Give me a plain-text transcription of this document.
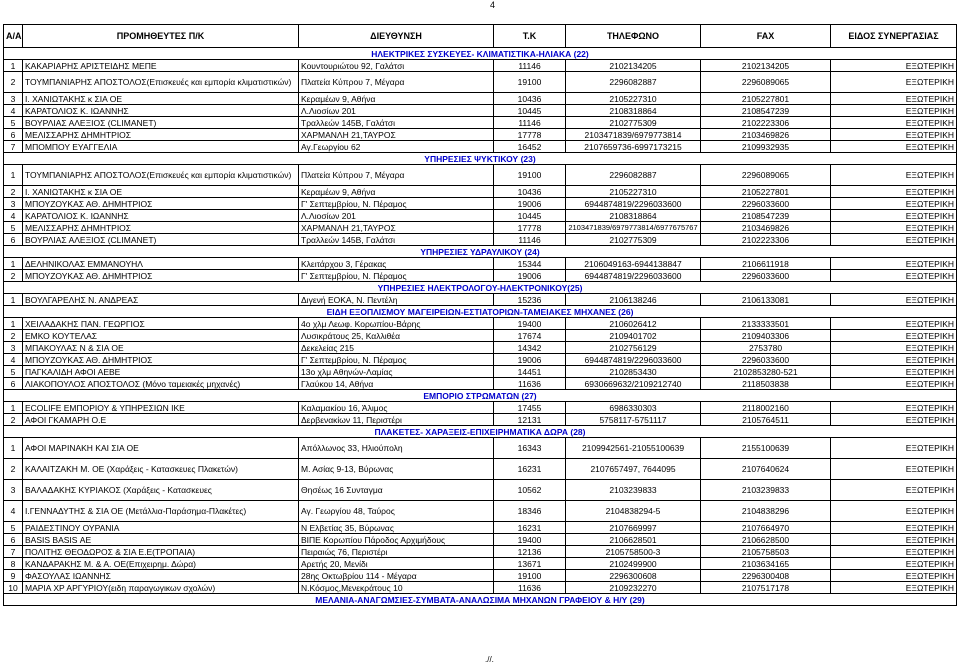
4
Α/Α	ΠΡΟΜΗΘΕΥΤΕΣ Π/Κ	ΔΙΕΥΘΥΝΣΗ	Τ.Κ	ΤΗΛΕΦΩΝΟ	FAX	ΕΙΔΟΣ ΣΥΝΕΡΓΑΣΙΑΣ
ΗΛΕΚΤΡΙΚΕΣ ΣΥΣΚΕΥΕΣ- ΚΛΙΜΑΤΙΣΤΙΚΑ-ΗΛΙΑΚΑ (22)						
1	ΚΑΚΑΡΙΑΡΗΣ ΑΡΙΣΤΕΙΔΗΣ ΜΕΠΕ	Κουντουριώτου 92, Γαλάτσι	11146	2102134205	2102134205	ΕΞΩΤΕΡΙΚΗ
2	ΤΟΥΜΠΑΝΙΑΡΗΣ ΑΠΟΣΤΟΛΟΣ(Επισκευές και εμπορία κλιματιστικών)	Πλατεία Κύπρου 7, Μέγαρα	19100	2296082887	2296089065	ΕΞΩΤΕΡΙΚΗ
3	Ι. ΧΑΝΙΩΤΑΚΗΣ κ ΣΙΑ ΟΕ	Κεραμέων 9, Αθήνα	10436	2105227310	2105227801	ΕΞΩΤΕΡΙΚΗ
4	ΚΑΡΑΤΟΛΙΟΣ Κ. ΙΩΑΝΝΗΣ	Λ.Λιοσίων 201	10445	2108318864	2108547239	ΕΞΩΤΕΡΙΚΗ
5	ΒΟΥΡΛΙΑΣ ΑΛΕΞΙΟΣ (CLIMANET)	Τραλλεών 145Β, Γαλάτσι	11146	2102775309	2102223306	ΕΞΩΤΕΡΙΚΗ
6	ΜΕΛΙΣΣΑΡΗΣ ΔΗΜΗΤΡΙΟΣ	ΧΑΡΜΑΝΛΗ 21,ΤΑΥΡΟΣ	17778	2103471839/6979773814	2103469826	ΕΞΩΤΕΡΙΚΗ
7	ΜΠΟΜΠΟΥ ΕΥΑΓΓΕΛΙΑ	Αγ.Γεωργίου 62	16452	2107659736-6997173215	2109932935	ΕΞΩΤΕΡΙΚΗ
ΥΠΗΡΕΣΙΕΣ ΨΥΚΤΙΚΟΥ (23)						
1	ΤΟΥΜΠΑΝΙΑΡΗΣ ΑΠΟΣΤΟΛΟΣ(Επισκευές και εμπορία κλιματιστικών)	Πλατεία Κύπρου 7, Μέγαρα	19100	2296082887	2296089065	ΕΞΩΤΕΡΙΚΗ
2	Ι. ΧΑΝΙΩΤΑΚΗΣ κ ΣΙΑ ΟΕ	Κεραμέων 9, Αθήνα	10436	2105227310	2105227801	ΕΞΩΤΕΡΙΚΗ
3	ΜΠΟΥΖΟΥΚΑΣ ΑΘ. ΔΗΜΗΤΡΙΟΣ	Γ' Σεπτεμβρίου, Ν. Πέραμος	19006	6944874819/2296033600	2296033600	ΕΞΩΤΕΡΙΚΗ
4	ΚΑΡΑΤΟΛΙΟΣ Κ. ΙΩΑΝΝΗΣ	Λ.Λιοσίων 201	10445	2108318864	2108547239	ΕΞΩΤΕΡΙΚΗ
5	ΜΕΛΙΣΣΑΡΗΣ ΔΗΜΗΤΡΙΟΣ	ΧΑΡΜΑΝΛΗ 21,ΤΑΥΡΟΣ	17778	2103471839/6979773814/6977675767	2103469826	ΕΞΩΤΕΡΙΚΗ
6	ΒΟΥΡΛΙΑΣ ΑΛΕΞΙΟΣ (CLIMANET)	Τραλλεών 145Β, Γαλάτσι	11146	2102775309	2102223306	ΕΞΩΤΕΡΙΚΗ
ΥΠΗΡΕΣΙΕΣ ΥΔΡΑΥΛΙΚΟΥ (24)						
1	ΔΕΛΗΝΙΚΟΛΑΣ ΕΜΜΑΝΟΥΗΛ	Κλειτάρχου 3, Γέρακας	15344	2106049163-6944138847	2106611918	ΕΞΩΤΕΡΙΚΗ
2	ΜΠΟΥΖΟΥΚΑΣ ΑΘ. ΔΗΜΗΤΡΙΟΣ	Γ' Σεπτεμβρίου, Ν. Πέραμος	19006	6944874819/2296033600	2296033600	ΕΞΩΤΕΡΙΚΗ
ΥΠΗΡΕΣΙΕΣ ΗΛΕΚΤΡΟΛΟΓΟΥ-ΗΛΕΚΤΡΟΝΙΚΟΥ(25)						
1	ΒΟΥΛΓΑΡΕΛΗΣ Ν. ΑΝΔΡΕΑΣ	Διγενή ΕΟΚΑ, Ν. Πεντέλη	15236	2106138246	2106133081	ΕΞΩΤΕΡΙΚΗ
ΕΙΔΗ ΕΞΟΠΛΙΣΜΟΥ ΜΑΓΕΙΡΕΙΩΝ-ΕΣΤΙΑΤΟΡΙΩΝ-ΤΑΜΕΙΑΚΕΣ ΜΗΧΑΝΕΣ (26)						
1	ΧΕΙΛΑΔΑΚΗΣ ΠΑΝ. ΓΕΩΡΓΙΟΣ	4ο χλμ Λεωφ. Κορωπίου-Βάρης	19400	2106026412	2133333501	ΕΞΩΤΕΡΙΚΗ
2	ΕΜΚΟ ΚΟΥΤΕΛΑΣ	Λυσικράτους 25, Καλλιθέα	17674	2109401702	2109403306	ΕΞΩΤΕΡΙΚΗ
3	ΜΠΑΚΟΥΛΑΣ Ν & ΣΙΑ ΟΕ	Δεκελείας 215	14342	2102756129	2753780	ΕΞΩΤΕΡΙΚΗ
4	ΜΠΟΥΖΟΥΚΑΣ ΑΘ. ΔΗΜΗΤΡΙΟΣ	Γ' Σεπτεμβρίου, Ν. Πέραμος	19006	6944874819/2296033600	2296033600	ΕΞΩΤΕΡΙΚΗ
5	ΠΑΓΚΑΛΙΔΗ ΑΦΟΙ ΑΕΒΕ	13ο χλμ Αθηνών-Λαμίας	14451	2102853430	2102853280-521	ΕΞΩΤΕΡΙΚΗ
6	ΛΙΑΚΟΠΟΥΛΟΣ ΑΠΟΣΤΟΛΟΣ (Μόνο ταμειακές μηχανές)	Γλαύκου 14, Αθήνα	11636	6930669632/2109212740	2118503838	ΕΞΩΤΕΡΙΚΗ
ΕΜΠΟΡΙΟ ΣΤΡΩΜΑΤΩΝ (27)						
1	ECOLIFE ΕΜΠΟΡΙΟΥ & ΥΠΗΡΕΣΙΩΝ ΙΚΕ	Καλαμακίου 16, Άλιμος	17455	6986330303	2118002160	ΕΞΩΤΕΡΙΚΗ
2	ΑΦΟΙ ΓΚΑΜΑΡΗ Ο.Ε	Δερβενακίων 11, Περιστέρι	12131	5758117-5751117	2105764511	ΕΞΩΤΕΡΙΚΗ
ΠΛΑΚΕΤΕΣ- ΧΑΡΑΞΕΙΣ-ΕΠΙΧΕΙΡΗΜΑΤΙΚΑ ΔΩΡΑ (28)						
1	ΑΦΟΙ ΜΑΡΙΝΑΚΗ ΚΑΙ ΣΙΑ ΟΕ	Απόλλωνος 33, Ηλιούπολη	16343	2109942561-21055100639	2155100639	ΕΞΩΤΕΡΙΚΗ
2	ΚΑΛΑΙΤΖΑΚΗ Μ. ΟΕ (Χαράξεις - Κατασκευες Πλακετών)	Μ. Ασίας 9-13, Βύρωνας	16231	2107657497, 7644095	2107640624	ΕΞΩΤΕΡΙΚΗ
3	ΒΑΛΑΔΑΚΗΣ ΚΥΡΙΑΚΟΣ (Χαράξεις - Κατασκευες	Θησέως 16 Συνταγμα	10562	2103239833	2103239833	ΕΞΩΤΕΡΙΚΗ
4	Ι.ΓΕΝΝΑΔΥΤΗΣ & ΣΙΑ ΟΕ (Μετάλλια-Παράσημα-Πλακέτες)	Αγ. Γεωργίου 48, Ταύρος	18346	2104838294-5	2104838296	ΕΞΩΤΕΡΙΚΗ
5	ΡΑΙΔΕΣΤΙΝΟΥ ΟΥΡΑΝΙΑ	Ν Ελβετίας 35, Βύρωνας	16231	2107669997	2107664970	ΕΞΩΤΕΡΙΚΗ
6	BASIS BASIS ΑΕ	ΒΙΠΕ Κορωπίου Πάροδος Αρχιμήδους	19400	2106628501	2106628500	ΕΞΩΤΕΡΙΚΗ
7	ΠΟΛΙΤΗΣ ΘΕΟΔΩΡΟΣ & ΣΙΑ Ε.Ε(ΤΡΟΠΑΙΑ)	Πειραιώς 76, Περιστέρι	12136	2105758500-3	2105758503	ΕΞΩΤΕΡΙΚΗ
8	ΚΑΝΔΑΡΑΚΗΣ Μ. & Α. ΟΕ(Επιχειρημ. Δώρα)	Αρετής 20, Μενίδι	13671	2102499900	2103634165	ΕΞΩΤΕΡΙΚΗ
9	ΦΑΣΟΥΛΑΣ ΙΩΑΝΝΗΣ	28ης Οκτωβρίου 114 - Μέγαρα	19100	2296300608	2296300408	ΕΞΩΤΕΡΙΚΗ
10	ΜΑΡΙΑ ΧΡ ΑΡΓΥΡΙΟΥ(ειδη παραγωγικων σχολών)	Ν.Κόσμος,Μενεκράτους 10	11636	2109232270	2107517178	ΕΞΩΤΕΡΙΚΗ
ΜΕΛΑΝΙΑ-ΑΝΑΓΩΜΣΙΕΣ-ΣΥΜΒΑΤΑ-ΑΝΑΛΩΣΙΜΑ ΜΗΧΑΝΩΝ ΓΡΑΦΕΙΟΥ & Η/Υ (29)						
.//.
